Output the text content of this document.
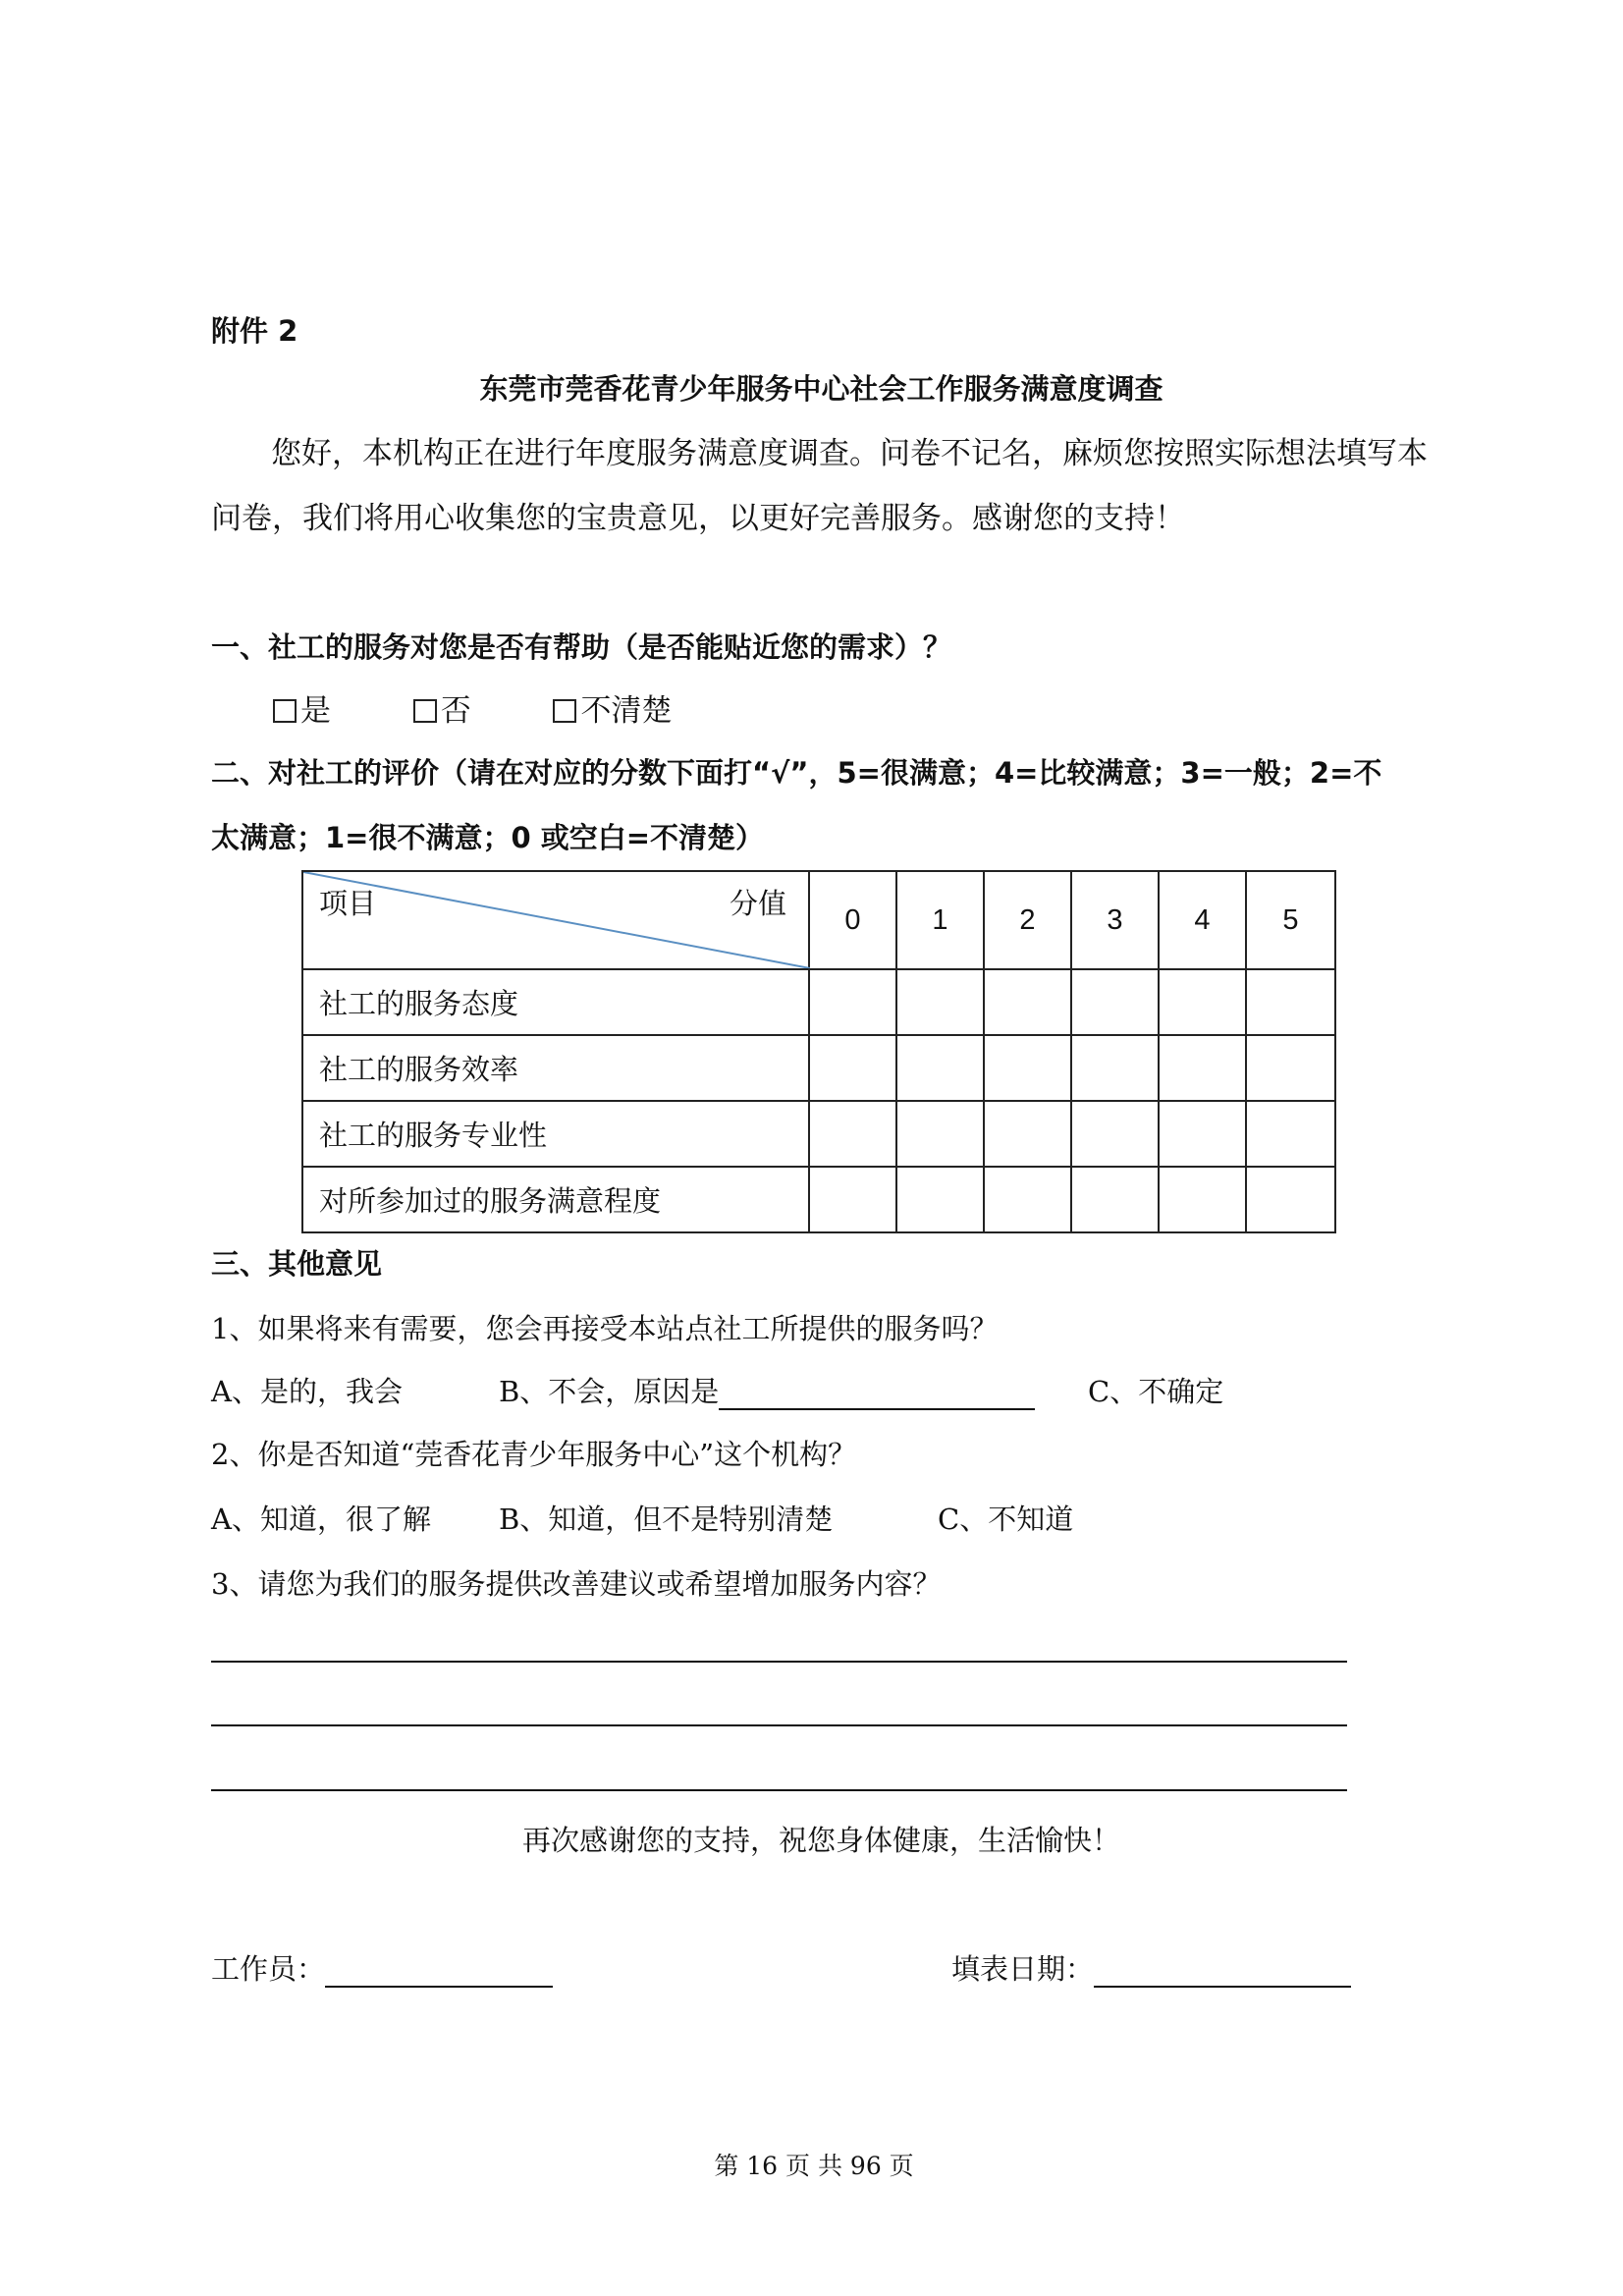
附件 2
东莞市莞香花青少年服务中心社会工作服务满意度调查
您好，本机构正在进行年度服务满意度调查。问卷不记名，麻烦您按照实际想法填写本
问卷，我们将用心收集您的宝贵意见，以更好完善服务。感谢您的支持！
一、社工的服务对您是否有帮助（是否能贴近您的需求）？
是	否	不清楚
二、对社工的评价（请在对应的分数下面打“√”，5=很满意；4=比较满意；3=一般；2=不
太满意；1=很不满意；0 或空白=不清楚）
项目 分值	0	1	2	3	4	5
社工的服务态度						
社工的服务效率						
社工的服务专业性						
对所参加过的服务满意程度						
三、其他意见
1、如果将来有需要，您会再接受本站点社工所提供的服务吗？
A、是的，我会	B、不会，原因是	C、不确定
2、你是否知道“莞香花青少年服务中心”这个机构？
A、知道，很了解 B、知道，但不是特别清楚	C、不知道
3、请您为我们的服务提供改善建议或希望增加服务内容？
再次感谢您的支持，祝您身体健康，生活愉快！
工作员：	填表日期：
第 16 页 共 96 页
